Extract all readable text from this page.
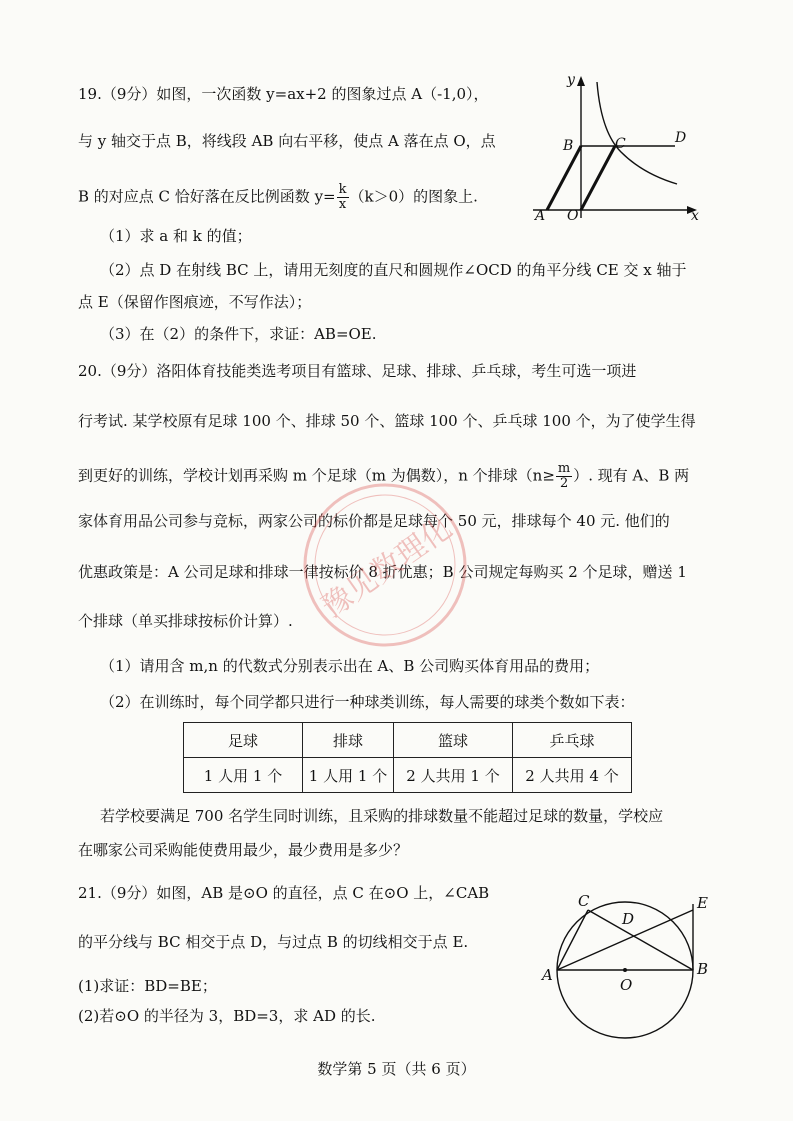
19.（9分）如图，一次函数 y=ax+2 的图象过点 A（-1,0），
与 y 轴交于点 B，将线段 AB 向右平移，使点 A 落在点 O，点
B 的对应点 C 恰好落在反比例函数 $y= \frac{k}{x} (k>0)$的图象上.
（1）求 a 和 k 的值；
（2）点 D 在射线 BC 上，请用无刻度的直尺和圆规作∠OCD 的角平分线 CE 交 x 轴于
点 E（保留作图痕迹，不写作法）；
（3）在（2）的条件下，求证：AB=OE.
y
x
B	C	D
A O
20.（9分）洛阳体育技能类选考项目有篮球、足球、排球、乒乓球，考生可选一项进
行考试. 某学校原有足球 100 个、排球 50 个、篮球 100 个、乒乓球 100 个，为了使学生得
到更好的训练，学校计划再采购 m 个足球（m 为偶数），n 个排球（$n\ge \frac{m}{2}$ ）. 现有 A、B 两
家体育用品公司参与竞标，两家公司的标价都是足球每个 50 元，排球每个 40 元. 他们的
优惠政策是：A 公司足球和排球一律按标价 8 折优惠；B 公司规定每购买 2 个足球，赠送 1
个排球（单买排球按标价计算）.
（1）请用含 m,n 的代数式分别表示出在 A、B 公司购买体育用品的费用；
（2）在训练时，每个同学都只进行一种球类训练，每人需要的球类个数如下表：
足球	排球	篮球	乒乓球
1 人用 1 个	1 人用 1 个	2 人共用 1 个	2 人共用 4 个
若学校要满足 700 名学生同时训练，且采购的排球数量不能超过足球的数量，学校应
在哪家公司采购能使费用最少，最少费用是多少？
21.（9分）如图，AB 是⊙O 的直径，点 C 在⊙O 上，∠CAB
的平分线与 BC 相交于点 D，与过点 B 的切线相交于点 E.
(1)求证：BD=BE；
(2)若⊙O 的半径为 3，BD=3，求 AD 的长.
C
D
E
A	B
O
豫见数理化
数学第 5 页（共 6 页）
